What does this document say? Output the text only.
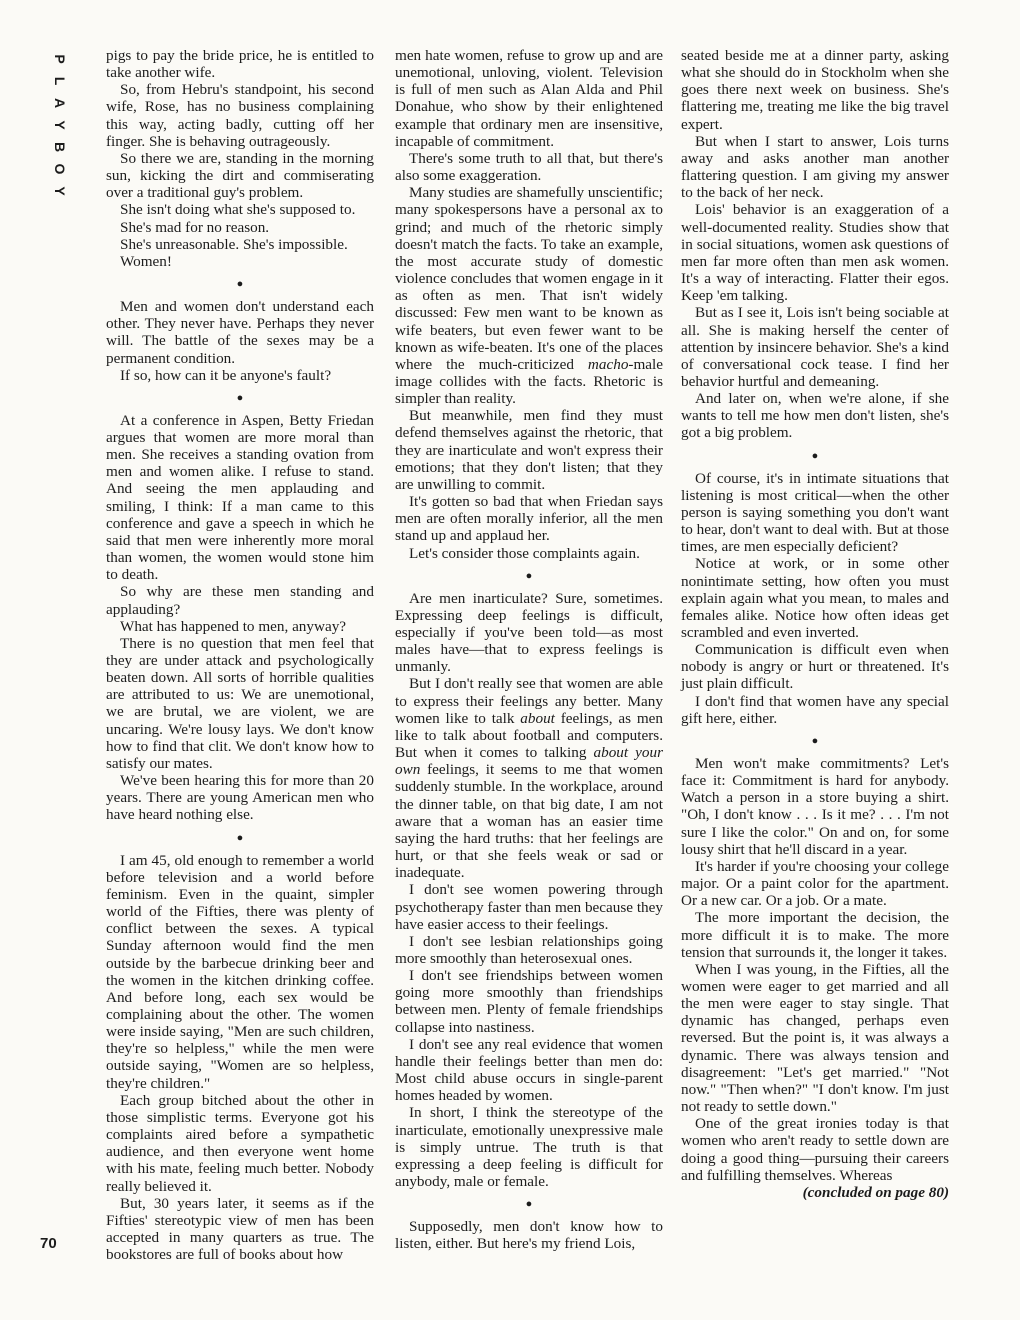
P
L
A
Y
B
O
Y
70

pigs to pay the bride price, he is entitled to take another wife.

So, from Hebru's standpoint, his second wife, Rose, has no business complaining this way, acting badly, cutting off her finger. She is behaving outrageously.

So there we are, standing in the morning sun, kicking the dirt and commiserating over a traditional guy's problem.

She isn't doing what she's supposed to.

She's mad for no reason.

She's unreasonable. She's impossible.

Women!

●

Men and women don't understand each other. They never have. Perhaps they never will. The battle of the sexes may be a permanent condition.

If so, how can it be anyone's fault?

●

At a conference in Aspen, Betty Friedan argues that women are more moral than men. She receives a standing ovation from men and women alike. I refuse to stand. And seeing the men applauding and smiling, I think: If a man came to this conference and gave a speech in which he said that men were inherently more moral than women, the women would stone him to death.

So why are these men standing and applauding?

What has happened to men, anyway?

There is no question that men feel that they are under attack and psychologically beaten down. All sorts of horrible qualities are attributed to us: We are unemotional, we are brutal, we are violent, we are uncaring. We're lousy lays. We don't know how to find that clit. We don't know how to satisfy our mates.

We've been hearing this for more than 20 years. There are young American men who have heard nothing else.

●

I am 45, old enough to remember a world before television and a world before feminism. Even in the quaint, simpler world of the Fifties, there was plenty of conflict between the sexes. A typical Sunday afternoon would find the men outside by the barbecue drinking beer and the women in the kitchen drinking coffee. And before long, each sex would be complaining about the other. The women were inside saying, "Men are such children, they're so helpless," while the men were outside saying, "Women are so helpless, they're children."

Each group bitched about the other in those simplistic terms. Everyone got his complaints aired before a sympathetic audience, and then everyone went home with his mate, feeling much better. Nobody really believed it.

But, 30 years later, it seems as if the Fifties' stereotypic view of men has been accepted in many quarters as true. The bookstores are full of books about how

men hate women, refuse to grow up and are unemotional, unloving, violent. Television is full of men such as Alan Alda and Phil Donahue, who show by their enlightened example that ordinary men are insensitive, incapable of commitment.

There's some truth to all that, but there's also some exaggeration.

Many studies are shamefully unscientific; many spokespersons have a personal ax to grind; and much of the rhetoric simply doesn't match the facts. To take an example, the most accurate study of domestic violence concludes that women engage in it as often as men. That isn't widely discussed: Few men want to be known as wife beaters, but even fewer want to be known as wife-beaten. It's one of the places where the much-criticized macho-male image collides with the facts. Rhetoric is simpler than reality.

But meanwhile, men find they must defend themselves against the rhetoric, that they are inarticulate and won't express their emotions; that they don't listen; that they are unwilling to commit.

It's gotten so bad that when Friedan says men are often morally inferior, all the men stand up and applaud her.

Let's consider those complaints again.

●

Are men inarticulate? Sure, sometimes. Expressing deep feelings is difficult, especially if you've been told—as most males have—that to express feelings is unmanly.

But I don't really see that women are able to express their feelings any better. Many women like to talk about feelings, as men like to talk about football and computers. But when it comes to talking about your own feelings, it seems to me that women suddenly stumble. In the workplace, around the dinner table, on that big date, I am not aware that a woman has an easier time saying the hard truths: that her feelings are hurt, or that she feels weak or sad or inadequate.

I don't see women powering through psychotherapy faster than men because they have easier access to their feelings.

I don't see lesbian relationships going more smoothly than heterosexual ones.

I don't see friendships between women going more smoothly than friendships between men. Plenty of female friendships collapse into nastiness.

I don't see any real evidence that women handle their feelings better than men do: Most child abuse occurs in single-parent homes headed by women.

In short, I think the stereotype of the inarticulate, emotionally unexpressive male is simply untrue. The truth is that expressing a deep feeling is difficult for anybody, male or female.

●

Supposedly, men don't know how to listen, either. But here's my friend Lois,

seated beside me at a dinner party, asking what she should do in Stockholm when she goes there next week on business. She's flattering me, treating me like the big travel expert.

But when I start to answer, Lois turns away and asks another man another flattering question. I am giving my answer to the back of her neck.

Lois' behavior is an exaggeration of a well-documented reality. Studies show that in social situations, women ask questions of men far more often than men ask women. It's a way of interacting. Flatter their egos. Keep 'em talking.

But as I see it, Lois isn't being sociable at all. She is making herself the center of attention by insincere behavior. She's a kind of conversational cock tease. I find her behavior hurtful and demeaning.

And later on, when we're alone, if she wants to tell me how men don't listen, she's got a big problem.

●

Of course, it's in intimate situations that listening is most critical—when the other person is saying something you don't want to hear, don't want to deal with. But at those times, are men especially deficient?

Notice at work, or in some other nonintimate setting, how often you must explain again what you mean, to males and females alike. Notice how often ideas get scrambled and even inverted.

Communication is difficult even when nobody is angry or hurt or threatened. It's just plain difficult.

I don't find that women have any special gift here, either.

●

Men won't make commitments? Let's face it: Commitment is hard for anybody. Watch a person in a store buying a shirt. "Oh, I don't know . . . Is it me? . . . I'm not sure I like the color." On and on, for some lousy shirt that he'll discard in a year.

It's harder if you're choosing your college major. Or a paint color for the apartment. Or a new car. Or a job. Or a mate.

The more important the decision, the more difficult it is to make. The more tension that surrounds it, the longer it takes.

When I was young, in the Fifties, all the women were eager to get married and all the men were eager to stay single. That dynamic has changed, perhaps even reversed. But the point is, it was always a dynamic. There was always tension and disagreement: "Let's get married." "Not now." "Then when?" "I don't know. I'm just not ready to settle down."

One of the great ironies today is that women who aren't ready to settle down are doing a good thing—pursuing their careers and fulfilling themselves. Whereas

(concluded on page 80)
